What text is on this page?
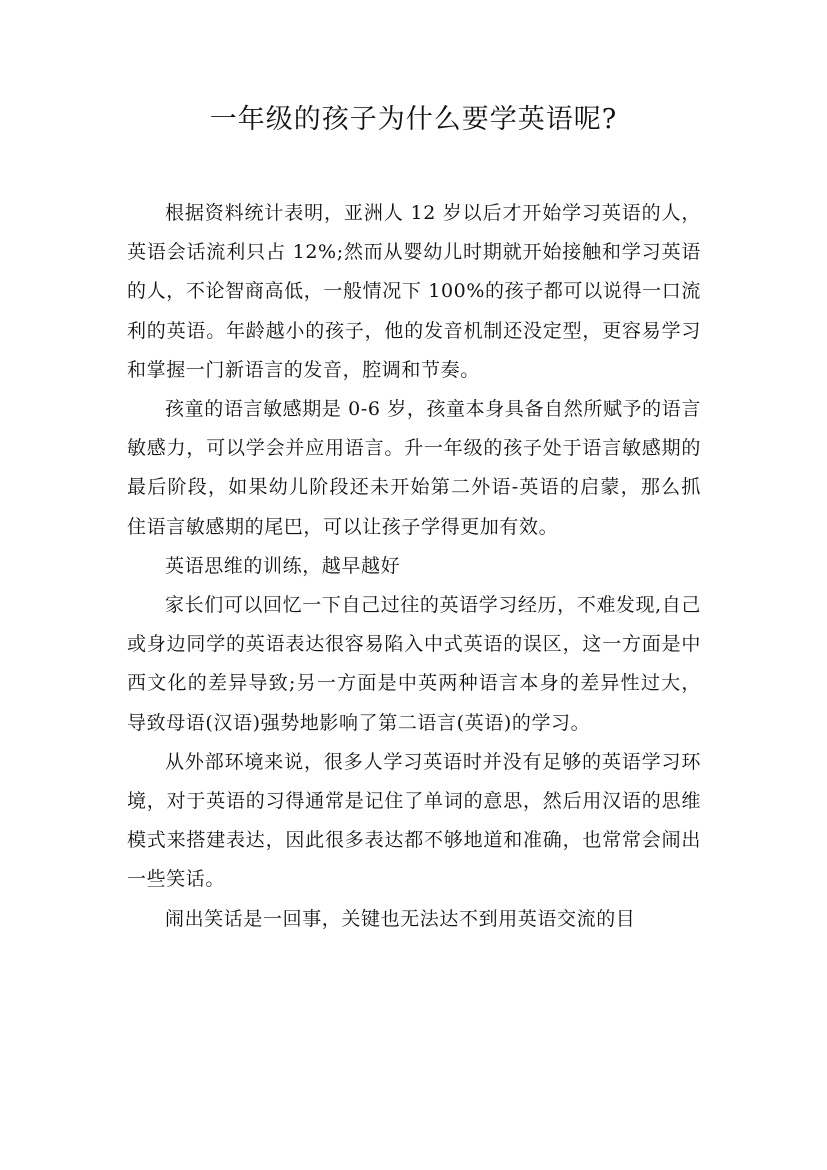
一年级的孩子为什么要学英语呢?

根据资料统计表明，亚洲人 12 岁以后才开始学习英语的人，英语会话流利只占 12%;然而从婴幼儿时期就开始接触和学习英语的人，不论智商高低，一般情况下 100%的孩子都可以说得一口流利的英语。年龄越小的孩子，他的发音机制还没定型，更容易学习和掌握一门新语言的发音，腔调和节奏。

孩童的语言敏感期是 0-6 岁，孩童本身具备自然所赋予的语言敏感力，可以学会并应用语言。升一年级的孩子处于语言敏感期的最后阶段，如果幼儿阶段还未开始第二外语-英语的启蒙，那么抓住语言敏感期的尾巴，可以让孩子学得更加有效。

英语思维的训练，越早越好

家长们可以回忆一下自己过往的英语学习经历，不难发现,自己或身边同学的英语表达很容易陷入中式英语的误区，这一方面是中西文化的差异导致;另一方面是中英两种语言本身的差异性过大，导致母语(汉语)强势地影响了第二语言(英语)的学习。

从外部环境来说，很多人学习英语时并没有足够的英语学习环境，对于英语的习得通常是记住了单词的意思，然后用汉语的思维模式来搭建表达，因此很多表达都不够地道和准确，也常常会闹出一些笑话。

闹出笑话是一回事，关键也无法达不到用英语交流的目
